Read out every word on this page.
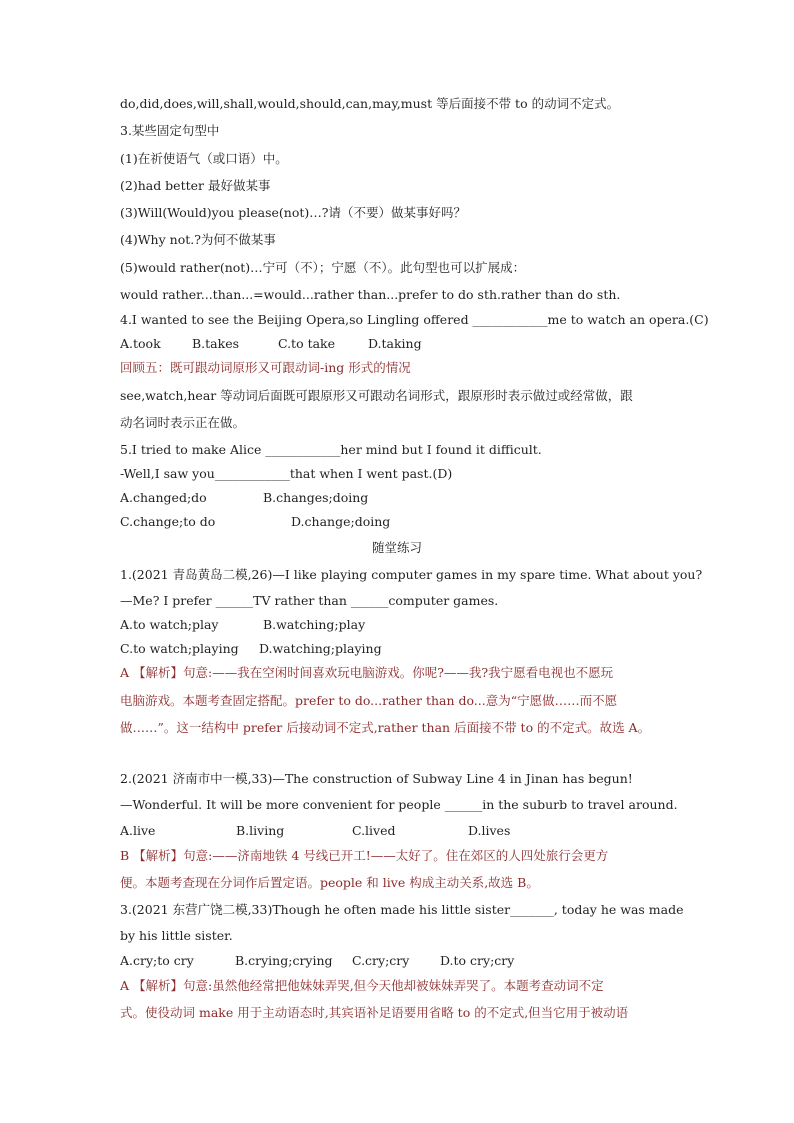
do,did,does,will,shall,would,should,can,may,must 等后面接不带 to 的动词不定式。
3.某些固定句型中
(1)在祈使语气（或口语）中。
(2)had better 最好做某事
(3)Will(Would)you please(not)…?请（不要）做某事好吗？
(4)Why not.?为何不做某事
(5)would rather(not)…宁可（不）；宁愿（不）。此句型也可以扩展成：
would rather...than...=would...rather than...prefer to do sth.rather than do sth.
4.I wanted to see the Beijing Opera,so Lingling offered ____________me to watch an opera.(C)
A.took	B.takes	C.to take	D.taking
回顾五：既可跟动词原形又可跟动词-ing 形式的情况
see,watch,hear 等动词后面既可跟原形又可跟动名词形式，跟原形时表示做过或经常做，跟
动名词时表示正在做。
5.I tried to make Alice ____________her mind but I found it difficult.
-Well,I saw you____________that when I went past.(D)
A.changed;do	B.changes;doing
C.change;to do	D.change;doing
随堂练习
1.(2021 青岛黄岛二模,26)—I like playing computer games in my spare time. What about you?
—Me? I prefer ______TV rather than ______computer games.
A.to watch;play	B.watching;play
C.to watch;playing D.watching;playing
A 【解析】句意:——我在空闲时间喜欢玩电脑游戏。你呢?——我?我宁愿看电视也不愿玩
电脑游戏。本题考查固定搭配。prefer to do...rather than do...意为“宁愿做……而不愿
做……”。这一结构中 prefer 后接动词不定式,rather than 后面接不带 to 的不定式。故选 A。
2.(2021 济南市中一模,33)—The construction of Subway Line 4 in Jinan has begun!
—Wonderful. It will be more convenient for people ______in the suburb to travel around.
A.live	B.living	C.lived	D.lives
B 【解析】句意:——济南地铁 4 号线已开工!——太好了。住在郊区的人四处旅行会更方
便。本题考查现在分词作后置定语。people 和 live 构成主动关系,故选 B。
3.(2021 东营广饶二模,33)Though he often made his little sister_______, today he was made
by his little sister.
A.cry;to cry	B.crying;crying C.cry;cry D.to cry;cry
A 【解析】句意:虽然他经常把他妹妹弄哭,但今天他却被妹妹弄哭了。本题考查动词不定
式。使役动词 make 用于主动语态时,其宾语补足语要用省略 to 的不定式,但当它用于被动语
